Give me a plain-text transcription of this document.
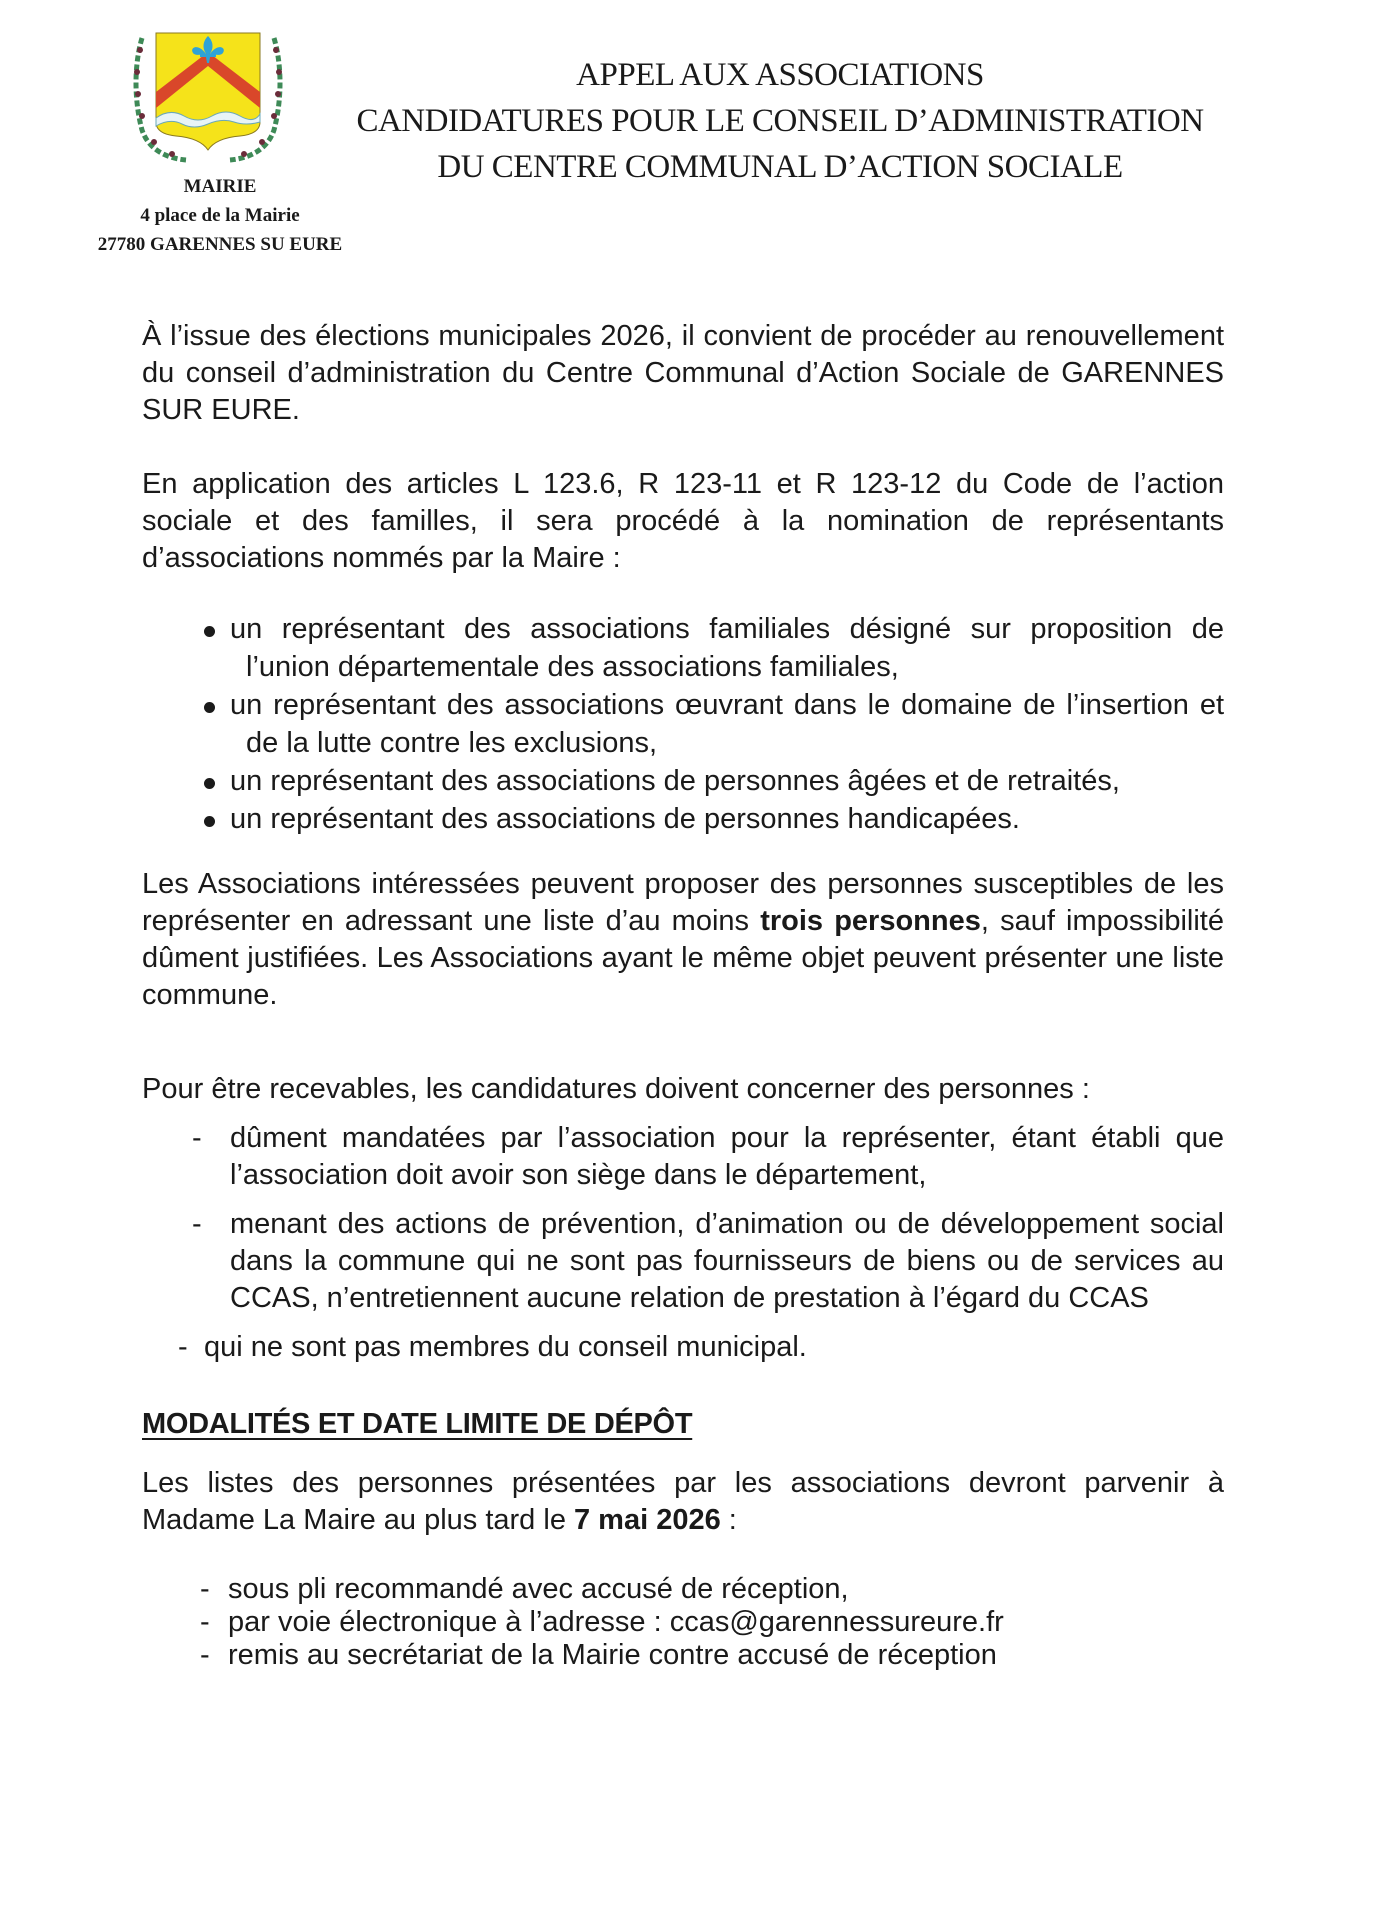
MAIRIE
4 place de la Mairie
27780 GARENNES SU EURE
APPEL AUX ASSOCIATIONS
CANDIDATURES POUR LE CONSEIL D’ADMINISTRATION
DU CENTRE COMMUNAL D’ACTION SOCIALE

À l’issue des élections municipales 2026, il convient de procéder au renouvellement du conseil d’administration du Centre Communal d’Action Sociale de GARENNES SUR EURE.

En application des articles L 123.6, R 123-11 et R 123-12 du Code de l’action sociale et des familles, il sera procédé à la nomination de représentants d’associations nommés par la Maire :

un représentant des associations familiales désigné sur proposition de l’union départementale des associations familiales,
un représentant des associations œuvrant dans le domaine de l’insertion et de la lutte contre les exclusions,
un représentant des associations de personnes âgées et de retraités,
un représentant des associations de personnes handicapées.

Les Associations intéressées peuvent proposer des personnes susceptibles de les représenter en adressant une liste d’au moins trois personnes, sauf impossibilité dûment justifiées. Les Associations ayant le même objet peuvent présenter une liste commune.

Pour être recevables, les candidatures doivent concerner des personnes :

- dûment mandatées par l’association pour la représenter, étant établi que l’association doit avoir son siège dans le département,
- menant des actions de prévention, d’animation ou de développement social dans la commune qui ne sont pas fournisseurs de biens ou de services au CCAS, n’entretiennent aucune relation de prestation à l’égard du CCAS
- qui ne sont pas membres du conseil municipal.
MODALITÉS ET DATE LIMITE DE DÉPÔT

Les listes des personnes présentées par les associations devront parvenir à Madame La Maire au plus tard le 7 mai 2026 :

- sous pli recommandé avec accusé de réception,
- par voie électronique à l’adresse : ccas@garennessureure.fr
- remis au secrétariat de la Mairie contre accusé de réception
